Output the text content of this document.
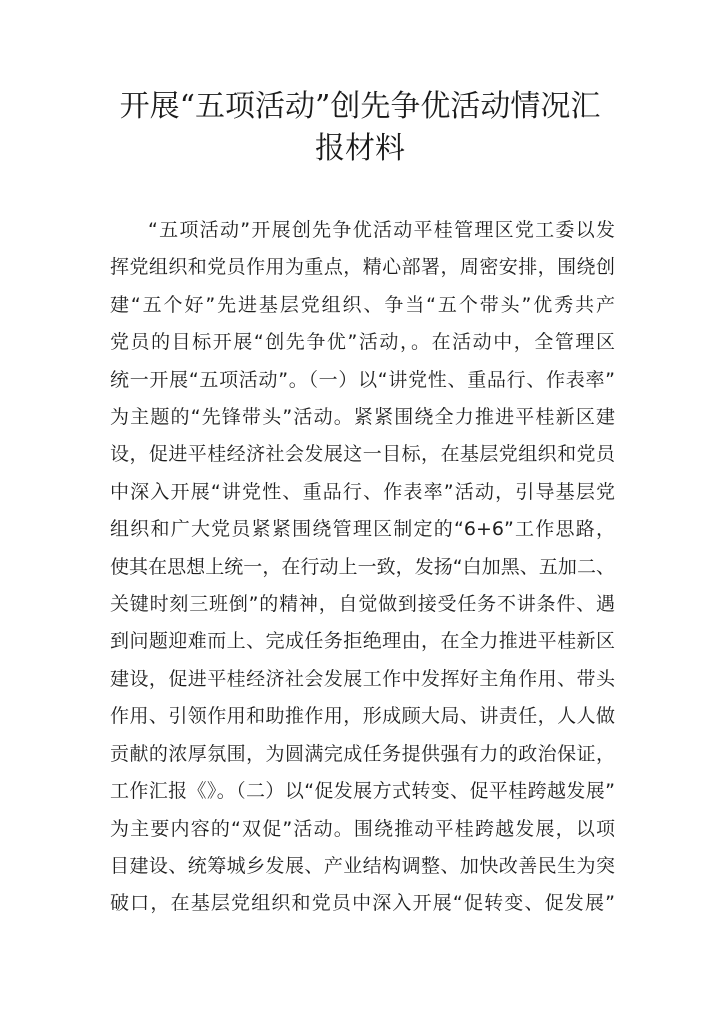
开展“五项活动”创先争优活动情况汇
报材料
“五项活动”开展创先争优活动平桂管理区党工委以发
挥党组织和党员作用为重点，精心部署，周密安排，围绕创
建“五个好”先进基层党组织、争当“五个带头”优秀共产
党员的目标开展“创先争优”活动，。在活动中，全管理区
统一开展“五项活动”。（一）以“讲党性、重品行、作表率”
为主题的“先锋带头”活动。紧紧围绕全力推进平桂新区建
设，促进平桂经济社会发展这一目标，在基层党组织和党员
中深入开展“讲党性、重品行、作表率”活动，引导基层党
组织和广大党员紧紧围绕管理区制定的“6+6”工作思路，
使其在思想上统一，在行动上一致，发扬“白加黑、五加二、
关键时刻三班倒”的精神，自觉做到接受任务不讲条件、遇
到问题迎难而上、完成任务拒绝理由，在全力推进平桂新区
建设，促进平桂经济社会发展工作中发挥好主角作用、带头
作用、引领作用和助推作用，形成顾大局、讲责任，人人做
贡献的浓厚氛围，为圆满完成任务提供强有力的政治保证，
工作汇报《》。（二）以“促发展方式转变、促平桂跨越发展”
为主要内容的“双促”活动。围绕推动平桂跨越发展，以项
目建设、统筹城乡发展、产业结构调整、加快改善民生为突
破口，在基层党组织和党员中深入开展“促转变、促发展”
